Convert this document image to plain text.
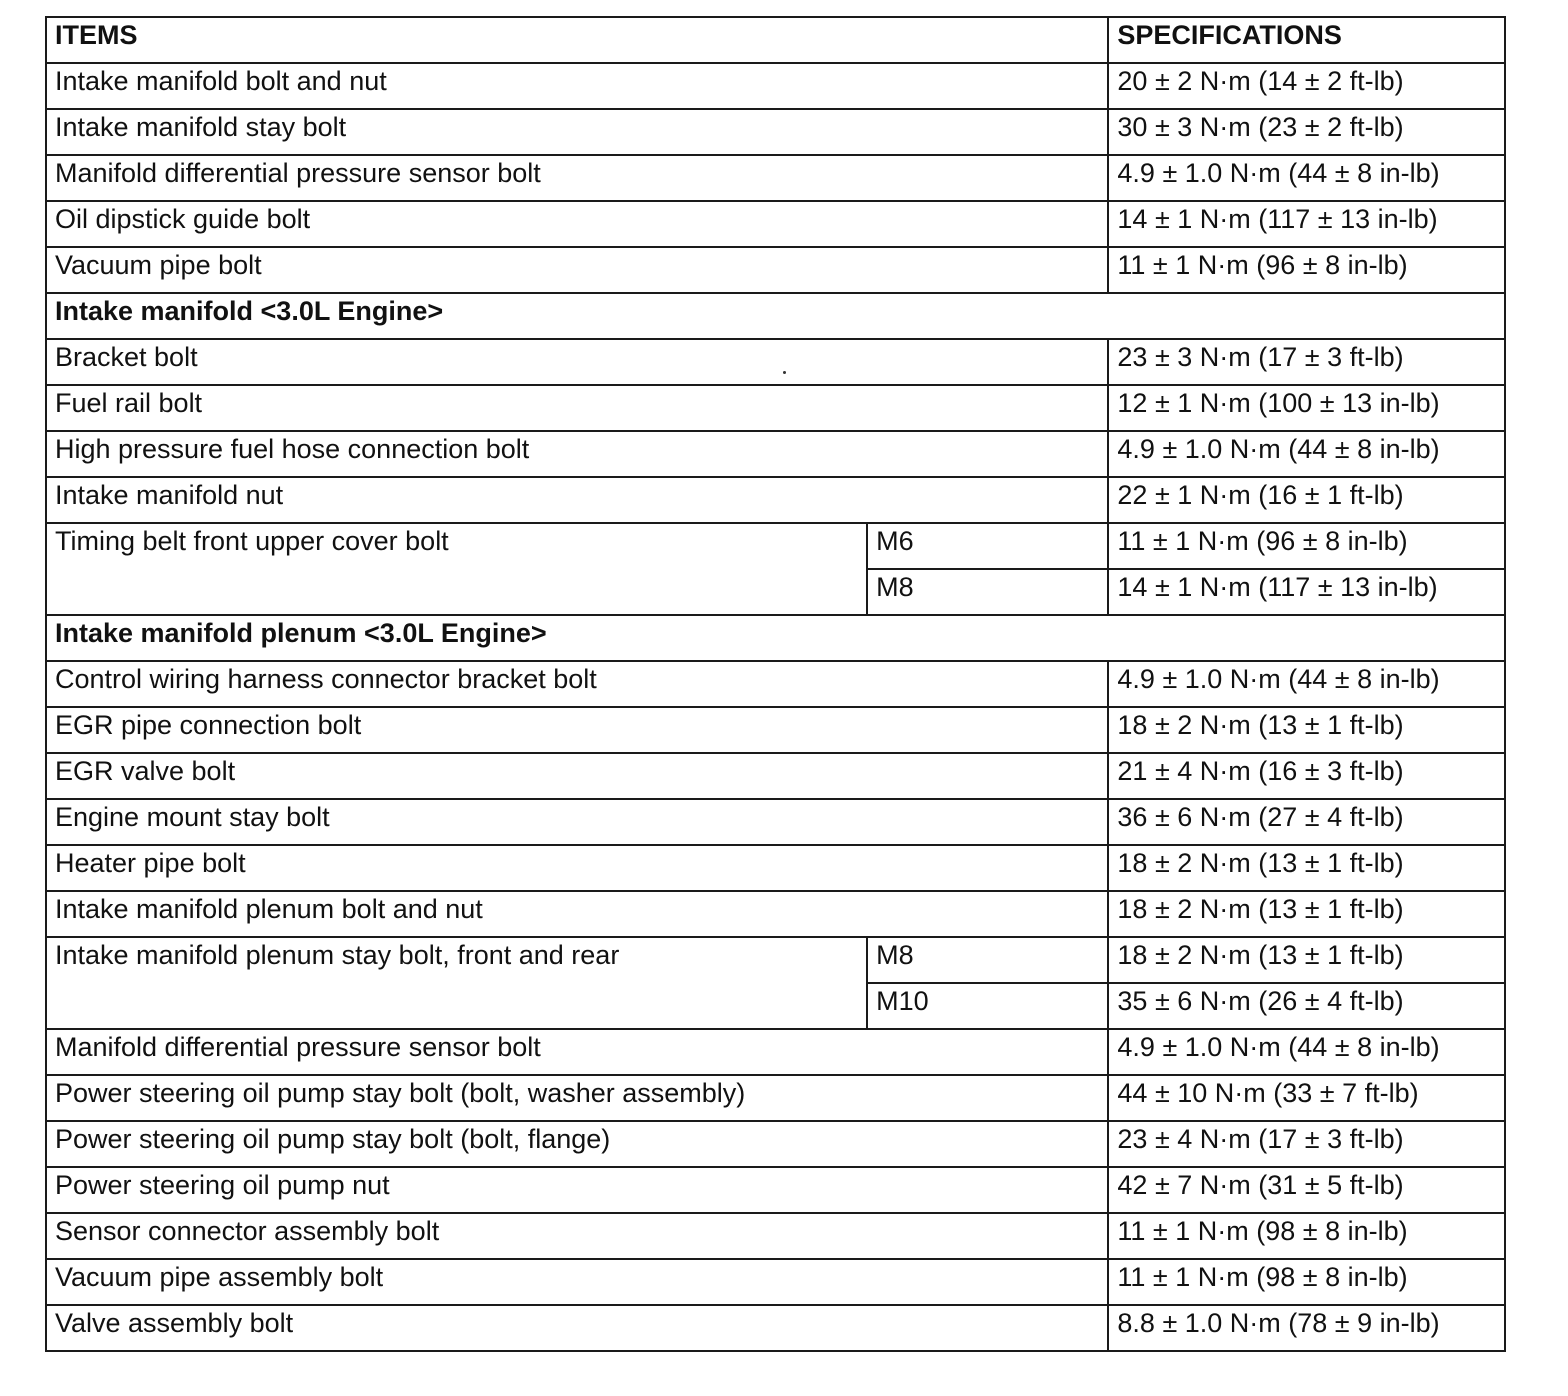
ITEMS		SPECIFICATIONS
Intake manifold bolt and nut		20 ± 2 N·m (14 ± 2 ft-lb)
Intake manifold stay bolt		30 ± 3 N·m (23 ± 2 ft-lb)
Manifold differential pressure sensor bolt		4.9 ± 1.0 N·m (44 ± 8 in-lb)
Oil dipstick guide bolt		14 ± 1 N·m (117 ± 13 in-lb)
Vacuum pipe bolt		11 ± 1 N·m (96 ± 8 in-lb)
Intake manifold <3.0L Engine>		
Bracket bolt		23 ± 3 N·m (17 ± 3 ft-lb)
Fuel rail bolt		12 ± 1 N·m (100 ± 13 in-lb)
High pressure fuel hose connection bolt		4.9 ± 1.0 N·m (44 ± 8 in-lb)
Intake manifold nut		22 ± 1 N·m (16 ± 1 ft-lb)
Timing belt front upper cover bolt	M6	11 ± 1 N·m (96 ± 8 in-lb)
	M8	14 ± 1 N·m (117 ± 13 in-lb)
Intake manifold plenum <3.0L Engine>		
Control wiring harness connector bracket bolt		4.9 ± 1.0 N·m (44 ± 8 in-lb)
EGR pipe connection bolt		18 ± 2 N·m (13 ± 1 ft-lb)
EGR valve bolt		21 ± 4 N·m (16 ± 3 ft-lb)
Engine mount stay bolt		36 ± 6 N·m (27 ± 4 ft-lb)
Heater pipe bolt		18 ± 2 N·m (13 ± 1 ft-lb)
Intake manifold plenum bolt and nut		18 ± 2 N·m (13 ± 1 ft-lb)
Intake manifold plenum stay bolt, front and rear	M8	18 ± 2 N·m (13 ± 1 ft-lb)
	M10	35 ± 6 N·m (26 ± 4 ft-lb)
Manifold differential pressure sensor bolt		4.9 ± 1.0 N·m (44 ± 8 in-lb)
Power steering oil pump stay bolt (bolt, washer assembly)		44 ± 10 N·m (33 ± 7 ft-lb)
Power steering oil pump stay bolt (bolt, flange)		23 ± 4 N·m (17 ± 3 ft-lb)
Power steering oil pump nut		42 ± 7 N·m (31 ± 5 ft-lb)
Sensor connector assembly bolt		11 ± 1 N·m (98 ± 8 in-lb)
Vacuum pipe assembly bolt		11 ± 1 N·m (98 ± 8 in-lb)
Valve assembly bolt		8.8 ± 1.0 N·m (78 ± 9 in-lb)
